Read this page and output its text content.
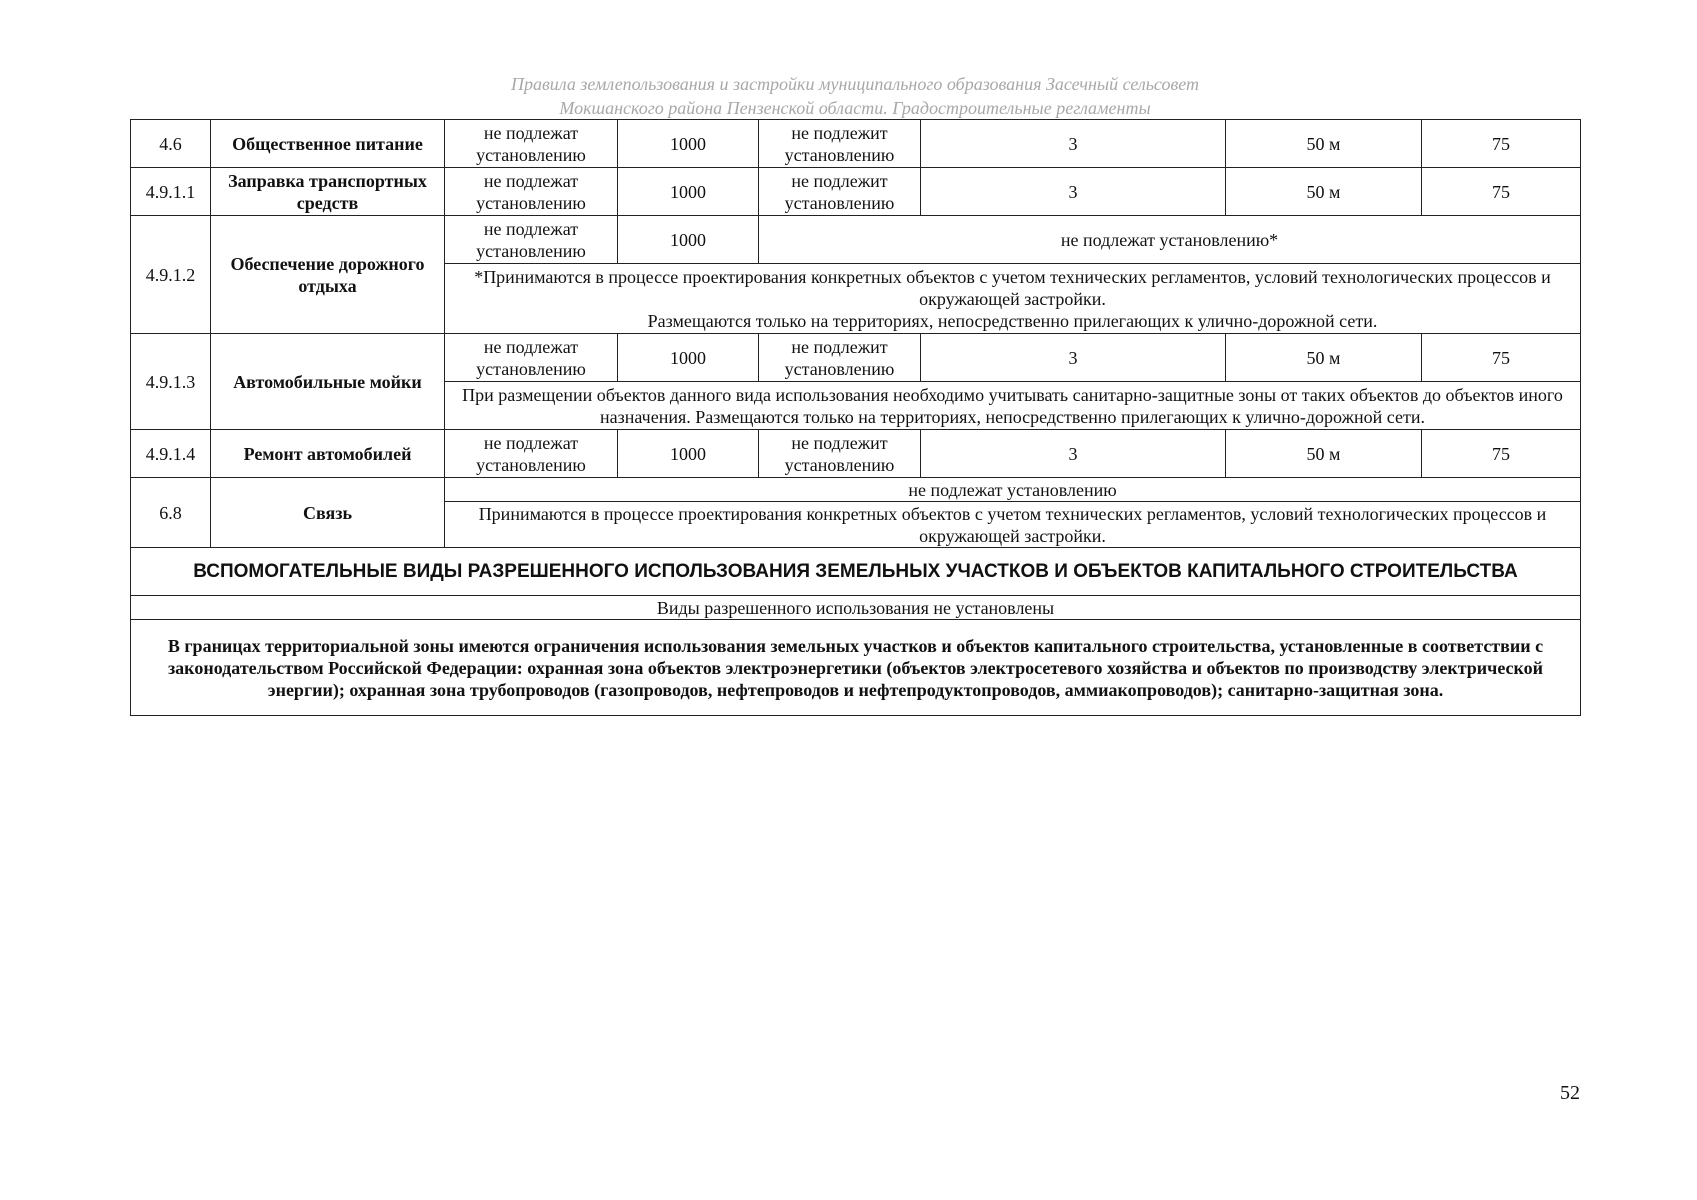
Правила землепользования и застройки муниципального образования Засечный сельсовет
Мокшанского района Пензенской области. Градостроительные регламенты
4.6	Общественное питание	не подлежат установлению	1000	не подлежит установлению	3	50 м	75
4.9.1.1	Заправка транспортных средств	не подлежат установлению	1000	не подлежит установлению	3	50 м	75
4.9.1.2	Обеспечение дорожного отдыха	не подлежат установлению	1000	не подлежат установлению*			

		*Принимаются в процессе проектирования конкретных объектов с учетом технических регламентов, условий технологических процессов и окружающей застройки.
Размещаются только на территориях, непосредственно прилегающих к улично-дорожной сети.					

4.9.1.3	Автомобильные мойки	не подлежат установлению	1000	не подлежит установлению	3	50 м	75
		При размещении объектов данного вида использования необходимо учитывать санитарно-защитные зоны от таких объектов до объектов иного назначения. Размещаются только на территориях, непосредственно прилегающих к улично-дорожной сети.					
4.9.1.4	Ремонт автомобилей	не подлежат установлению	1000	не подлежит установлению	3	50 м	75
6.8	Связь	не подлежат установлению					
		Принимаются в процессе проектирования конкретных объектов с учетом технических регламентов, условий технологических процессов и окружающей застройки.					
ВСПОМОГАТЕЛЬНЫЕ ВИДЫ РАЗРЕШЕННОГО ИСПОЛЬЗОВАНИЯ ЗЕМЕЛЬНЫХ УЧАСТКОВ И ОБЪЕКТОВ КАПИТАЛЬНОГО СТРОИТЕЛЬСТВА							
Виды разрешенного использования не установлены							
В границах территориальной зоны имеются ограничения использования земельных участков и объектов капитального строительства, установленные в соответствии с законодательством Российской Федерации: охранная зона объектов электроэнергетики (объектов электросетевого хозяйства и объектов по производству электрической энергии); охранная зона трубопроводов (газопроводов, нефтепроводов и нефтепродуктопроводов, аммиакопроводов); санитарно-защитная зона.							
52
